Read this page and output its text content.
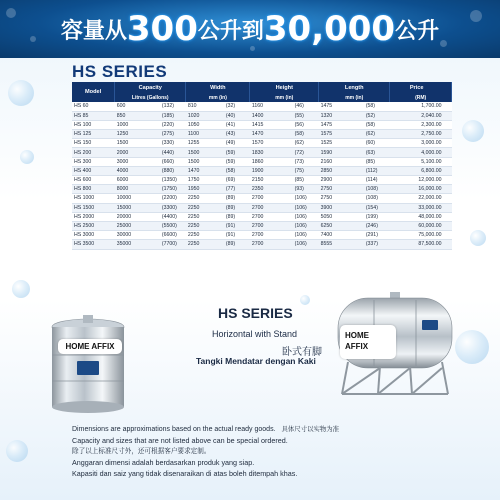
容量从 300 公升到 30,000 公升
HS SERIES
Model	Capacity	Width	Height	Length	Price
	Litres (Gallons)	mm (in)	mm (in)	mm (in)	(RM)
HS 60	600 (132)	810 (32)	1160 (46)	1475 (58)	1,700.00
HS 85	850 (185)	1020 (40)	1400 (55)	1320 (52)	2,040.00
HS 100	1000 (220)	1050 (41)	1415 (56)	1475 (58)	2,300.00
HS 125	1250 (275)	1100 (43)	1470 (58)	1575 (62)	2,750.00
HS 150	1500 (330)	1255 (49)	1570 (62)	1525 (60)	3,000.00
HS 200	2000 (440)	1500 (59)	1830 (72)	1590 (63)	4,000.00
HS 300	3000 (660)	1500 (59)	1860 (73)	2160 (85)	5,100.00
HS 400	4000 (880)	1470 (58)	1900 (75)	2850 (112)	6,800.00
HS 600	6000 (1350)	1750 (69)	2150 (85)	2900 (114)	12,000.00
HS 800	8000 (1750)	1950 (77)	2350 (93)	2750 (108)	16,000.00
HS 1000	10000 (2200)	2250 (89)	2700 (106)	2750 (108)	22,000.00
HS 1500	15000 (3300)	2250 (89)	2700 (106)	3900 (154)	33,000.00
HS 2000	20000 (4400)	2250 (89)	2700 (106)	5050 (199)	48,000.00
HS 2500	25000 (5500)	2250 (91)	2700 (106)	6250 (246)	60,000.00
HS 3000	30000 (6600)	2250 (91)	2700 (106)	7400 (291)	75,000.00
HS 3500	35000 (7700)	2250 (89)	2700 (106)	8555 (337)	87,500.00
HOME AFFIX
HS SERIES
Horizontal with Stand
卧式有脚
Tangki Mendatar dengan Kaki
HOME
AFFIX
Dimensions are approximations based on the actual ready goods. 具体尺寸以实物为准
Capacity and sizes that are not listed above can be special ordered.
除了以上标准尺寸外，还可根据客户要求定制。
Anggaran dimensi adalah berdasarkan produk yang siap.
Kapasiti dan saiz yang tidak disenaraikan di atas boleh ditempah khas.
